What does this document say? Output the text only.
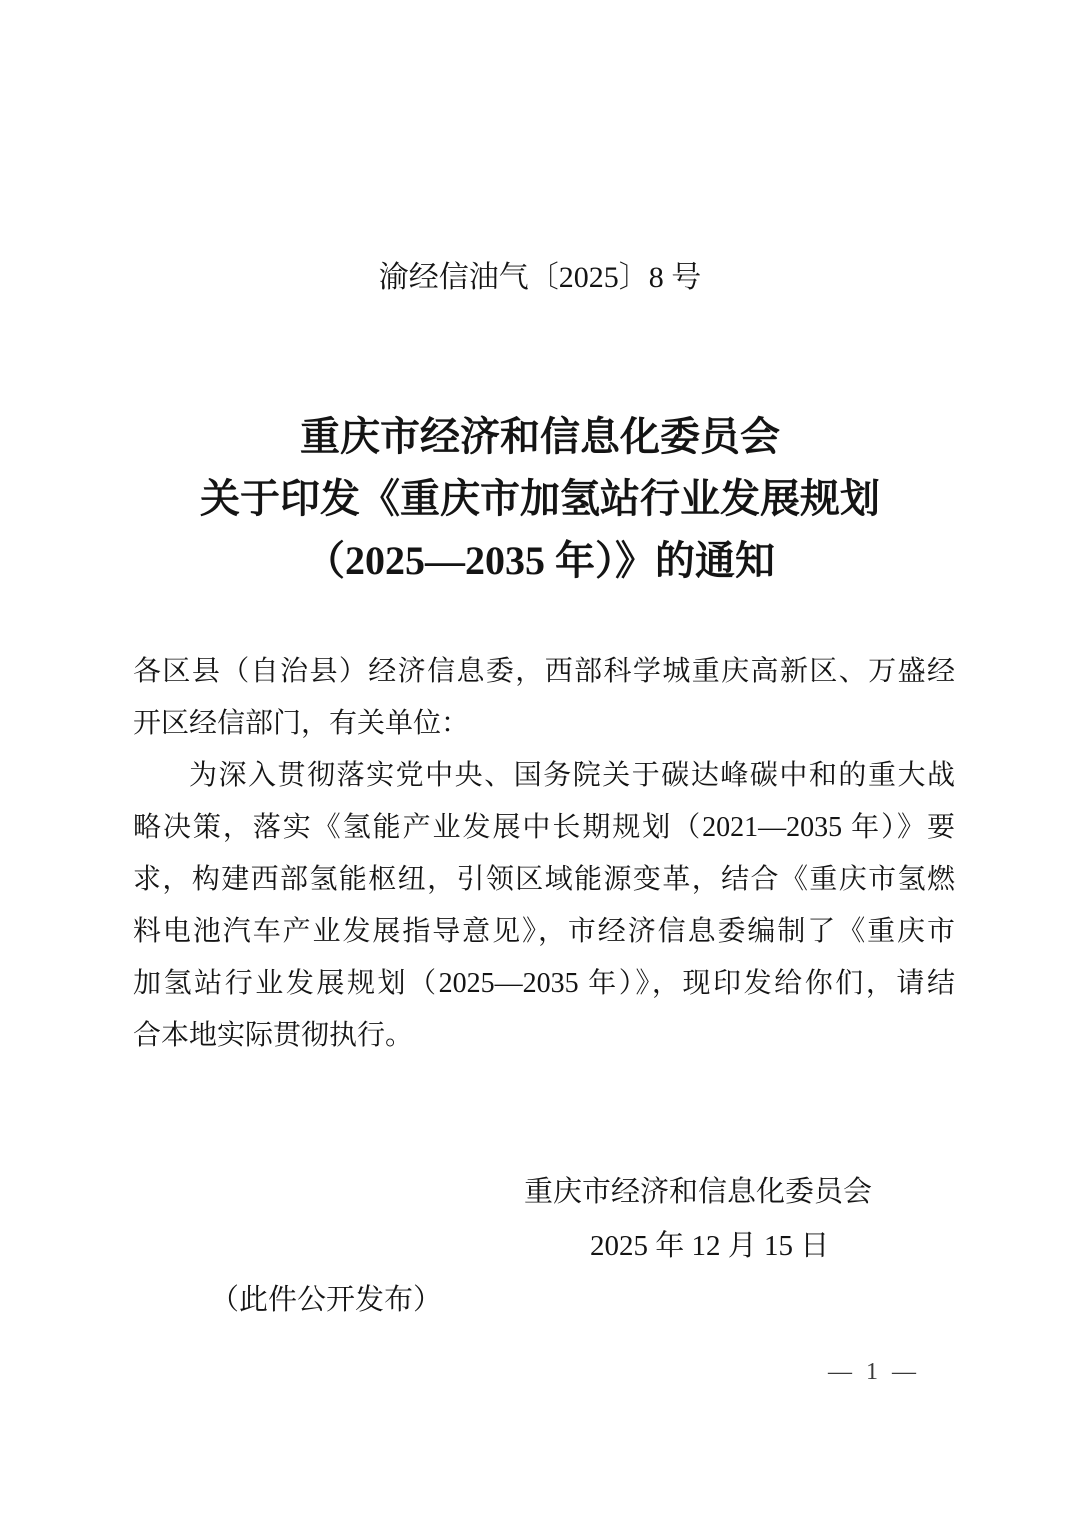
渝经信油气〔2025〕8 号
重庆市经济和信息化委员会
关于印发《重庆市加氢站行业发展规划
（2025—2035 年）》的通知
各区县（自治县）经济信息委，西部科学城重庆高新区、万盛经
开区经信部门，有关单位：
为深入贯彻落实党中央、国务院关于碳达峰碳中和的重大战
略决策，落实《氢能产业发展中长期规划（2021—2035 年）》要
求，构建西部氢能枢纽，引领区域能源变革，结合《重庆市氢燃
料电池汽车产业发展指导意见》，市经济信息委编制了《重庆市
加氢站行业发展规划（2025—2035 年）》，现印发给你们，请结
合本地实际贯彻执行。
重庆市经济和信息化委员会
2025 年 12 月 15 日
（此件公开发布）
— 1 —
